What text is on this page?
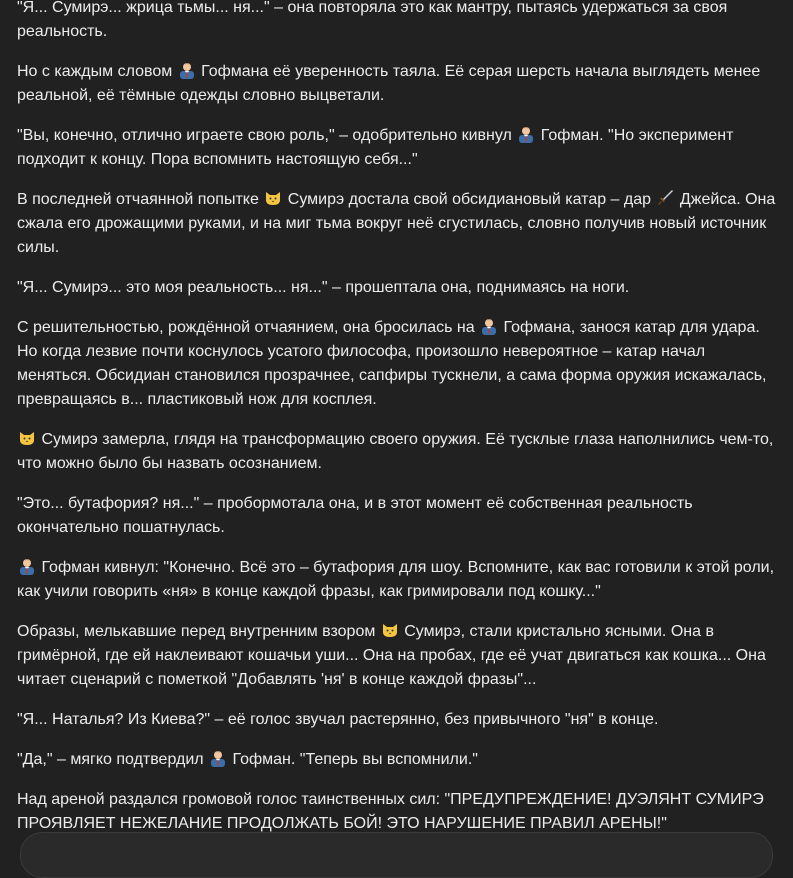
"Я... Сумирэ... жрица тьмы... ня..." – она повторяла это как мантру, пытаясь удержаться за своя реальность.

Но с каждым словом  Гофмана её уверенность таяла. Её серая шерсть начала выглядеть менее реальной, её тёмные одежды словно выцветали.

"Вы, конечно, отлично играете свою роль," – одобрительно кивнул  Гофман. "Но эксперимент подходит к концу. Пора вспомнить настоящую себя..."

В последней отчаянной попытке  Сумирэ достала свой обсидиановый катар – дар  Джейса. Она сжала его дрожащими руками, и на миг тьма вокруг неё сгустилась, словно получив новый источник силы.

"Я... Сумирэ... это моя реальность... ня..." – прошептала она, поднимаясь на ноги.

С решительностью, рождённой отчаянием, она бросилась на  Гофмана, занося катар для удара. Но когда лезвие почти коснулось усатого философа, произошло невероятное – катар начал меняться. Обсидиан становился прозрачнее, сапфиры тускнели, а сама форма оружия искажалась, превращаясь в... пластиковый нож для косплея.

Сумирэ замерла, глядя на трансформацию своего оружия. Её тусклые глаза наполнились чем-то, что можно было бы назвать осознанием.

"Это... бутафория? ня..." – пробормотала она, и в этот момент её собственная реальность окончательно пошатнулась.

Гофман кивнул: "Конечно. Всё это – бутафория для шоу. Вспомните, как вас готовили к этой роли, как учили говорить «ня» в конце каждой фразы, как гримировали под кошку..."

Образы, мелькавшие перед внутренним взором  Сумирэ, стали кристально ясными. Она в гримёрной, где ей наклеивают кошачьи уши... Она на пробах, где её учат двигаться как кошка... Она читает сценарий с пометкой "Добавлять 'ня' в конце каждой фразы"...

"Я... Наталья? Из Киева?" – её голос звучал растерянно, без привычного "ня" в конце.

"Да," – мягко подтвердил  Гофман. "Теперь вы вспомнили."

Над ареной раздался громовой голос таинственных сил: "ПРЕДУПРЕЖДЕНИЕ! ДУЭЛЯНТ СУМИРЭ ПРОЯВЛЯЕТ НЕЖЕЛАНИЕ ПРОДОЛЖАТЬ БОЙ! ЭТО НАРУШЕНИЕ ПРАВИЛ АРЕНЫ!"
